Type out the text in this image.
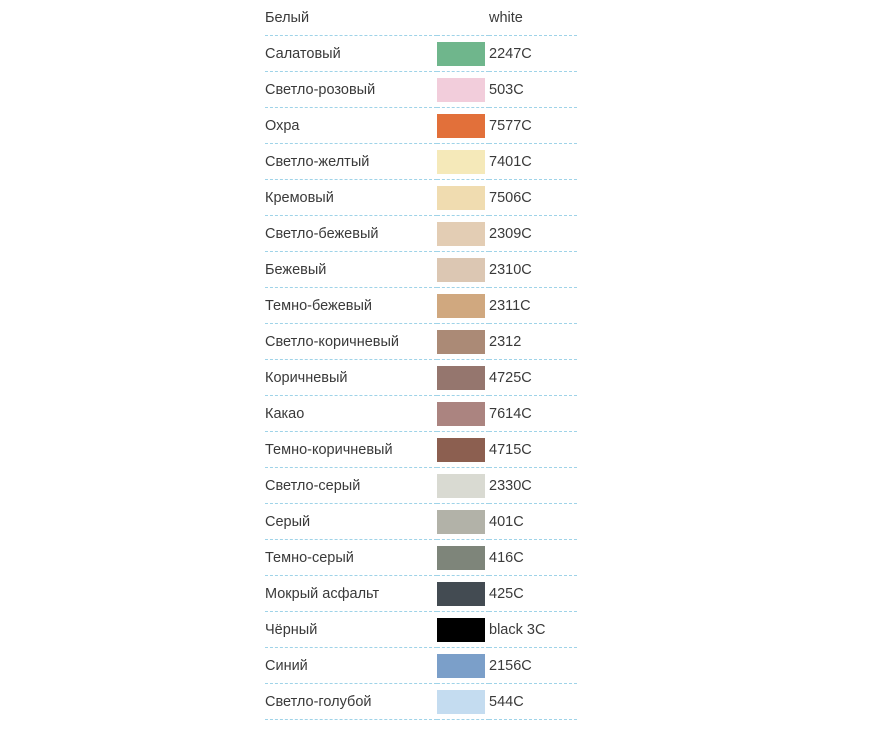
Белый		white
Салатовый		2247C
Светло-розовый		503C
Охра		7577C
Светло-желтый		7401C
Кремовый		7506C
Светло-бежевый		2309C
Бежевый		2310C
Темно-бежевый		2311C
Светло-коричневый		2312
Коричневый		4725C
Какао		7614C
Темно-коричневый		4715C
Светло-серый		2330C
Серый		401C
Темно-серый		416C
Мокрый асфальт		425C
Чёрный		black 3C
Синий		2156C
Светло-голубой		544C
